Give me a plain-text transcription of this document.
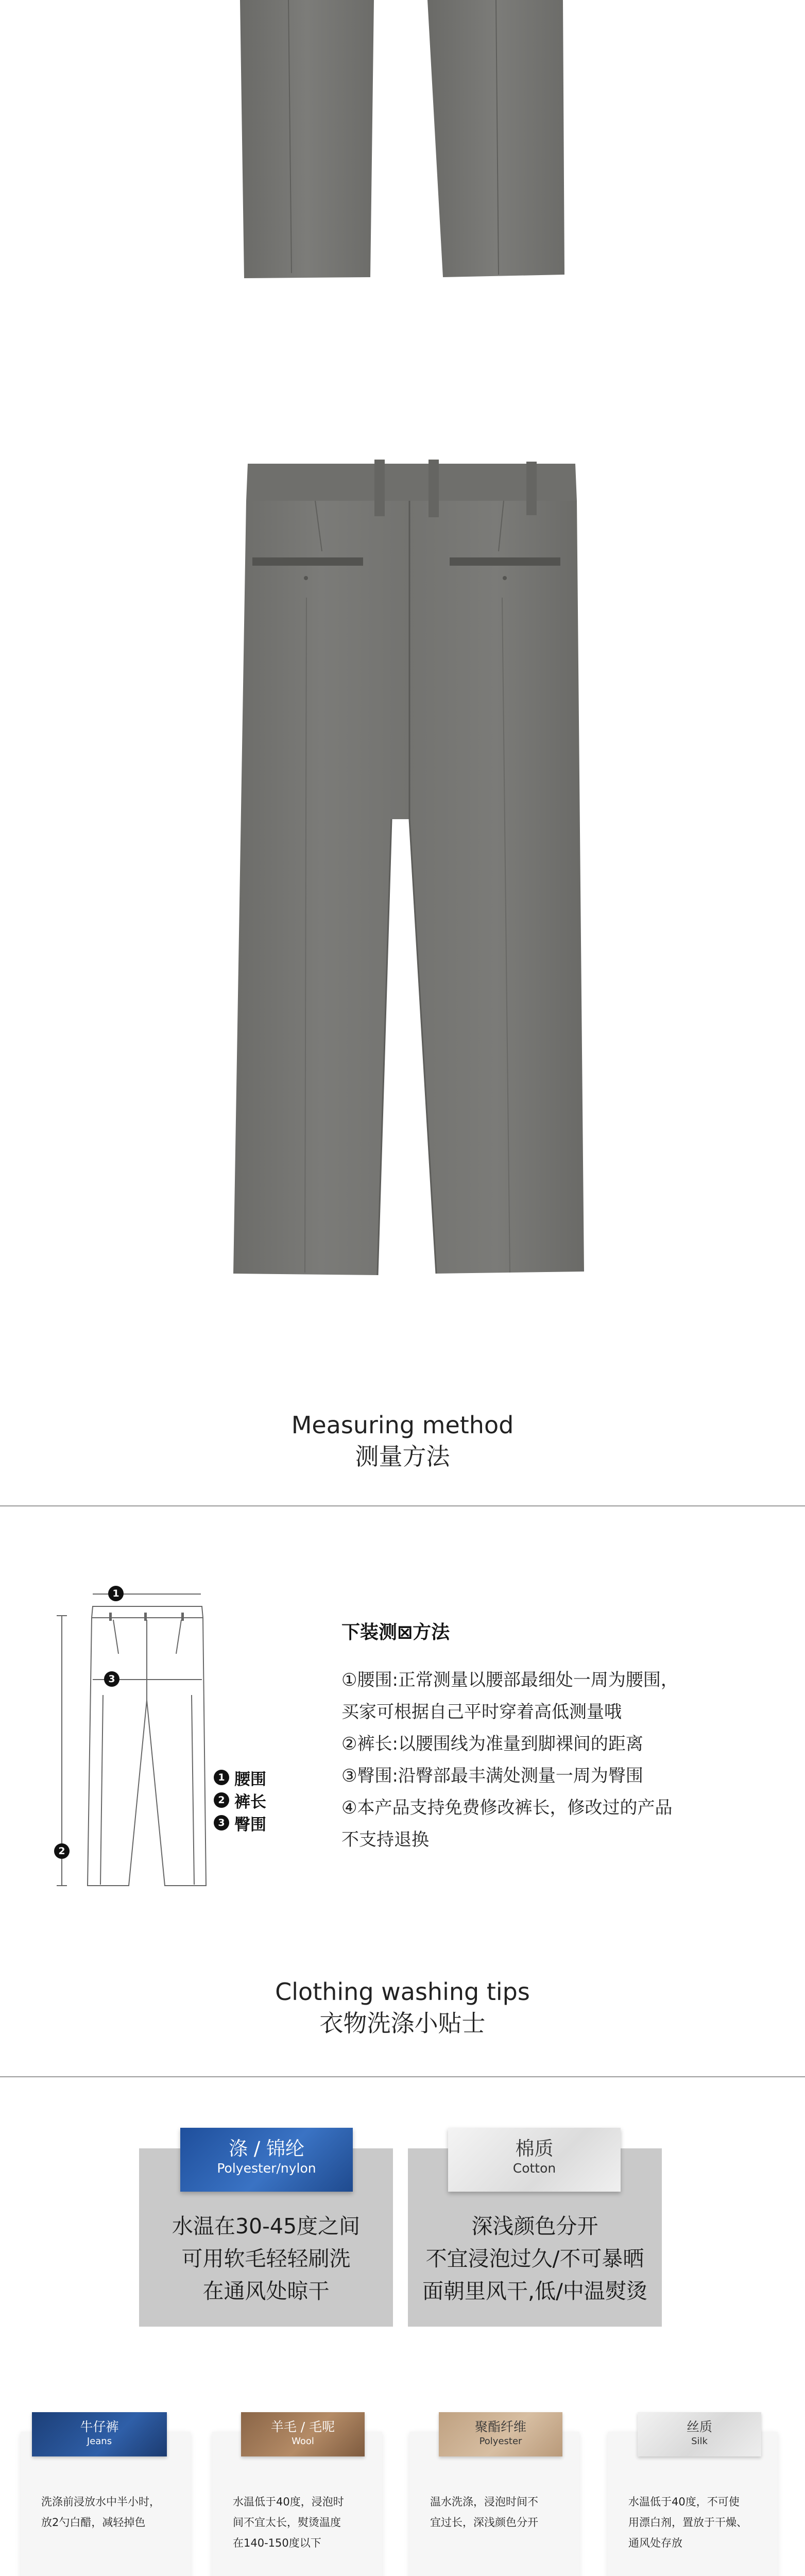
Measuring method
测量方法
1
3
2
1 腰围
2 裤长
3 臀围
下装测⊠方法
①腰围:正常测量以腰部最细处一周为腰围，
买家可根据自己平时穿着高低测量哦
②裤长:以腰围线为准量到脚裸间的距离
③臀围:沿臀部最丰满处测量一周为臀围
④本产品支持免费修改裤长，修改过的产品
不支持退换
Clothing washing tips
衣物洗涤小贴士
水温在30-45度之间
可用软毛轻轻刷洗
在通风处晾干
涤 / 锦纶
Polyester/nylon
深浅颜色分开
不宜浸泡过久/不可暴晒
面朝里风干,低/中温熨烫
棉质
Cotton
洗涤前浸放水中半小时，
放2勺白醋，减轻掉色
牛仔裤
Jeans
水温低于40度，浸泡时
间不宜太长，熨烫温度
在140-150度以下
羊毛 / 毛呢
Wool
温水洗涤，浸泡时间不
宜过长，深浅颜色分开
聚酯纤维
Polyester
水温低于40度，不可使
用漂白剂，置放于干燥、
通风处存放
丝质
Silk
